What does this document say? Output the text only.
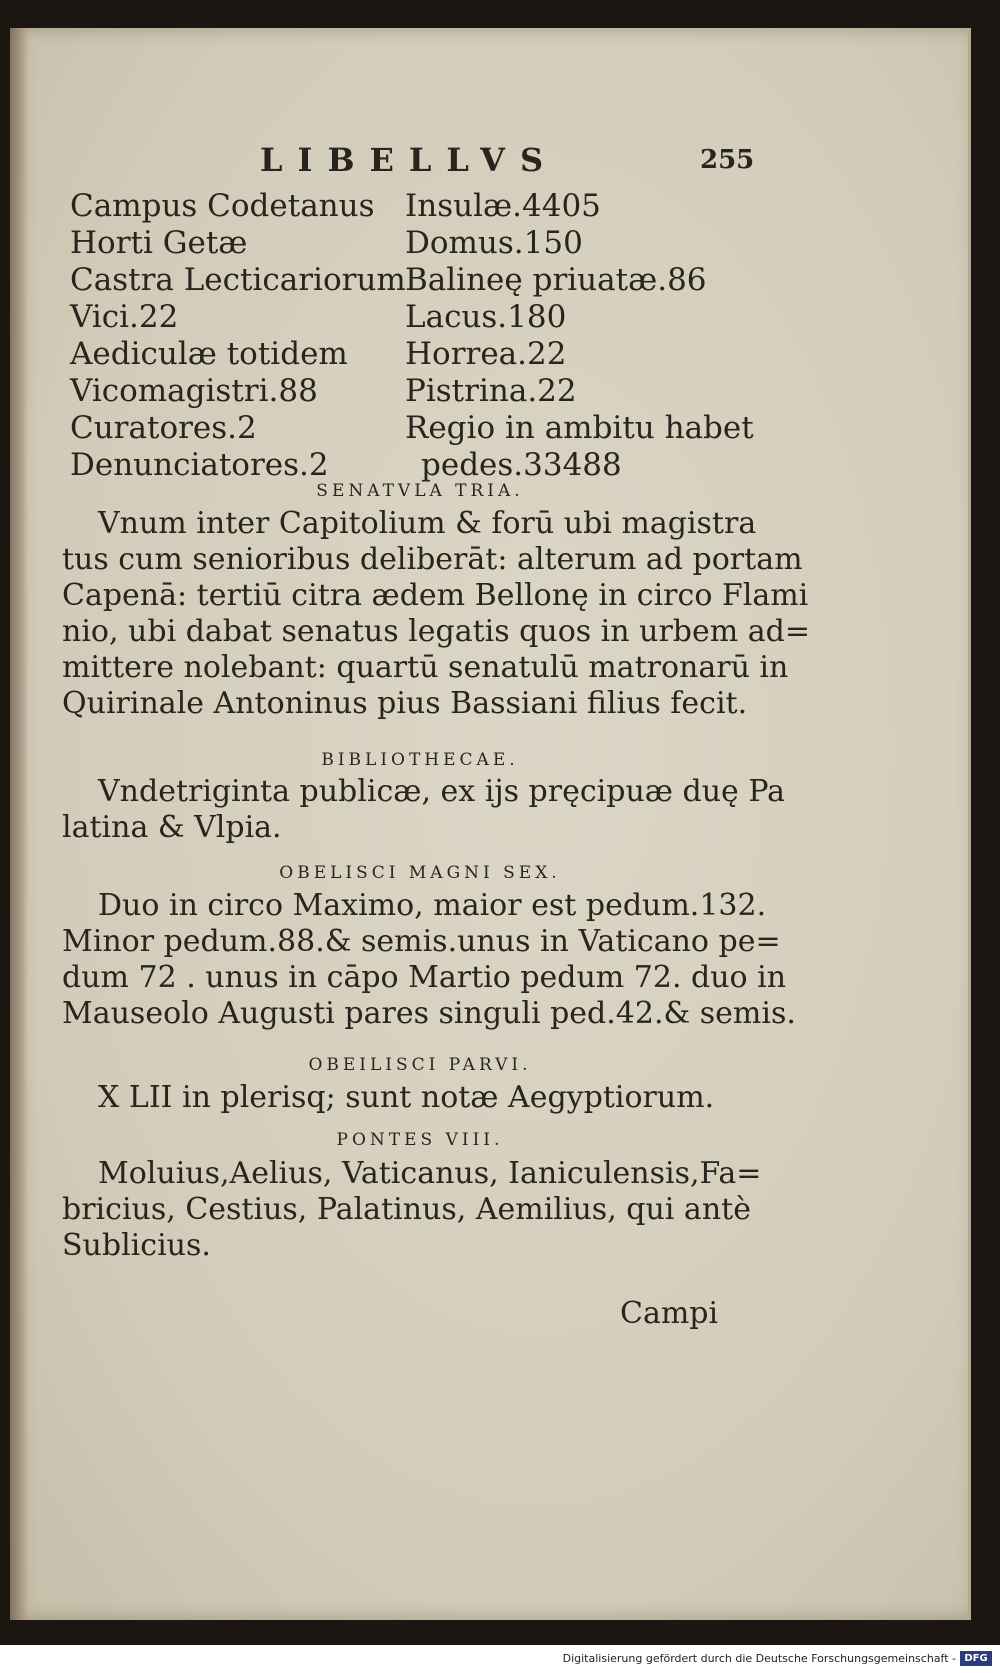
LIBELLVS	255
Campus Codetanus
Horti Getæ
Castra Lecticariorum
Vici.22
Aediculæ totidem
Vicomagistri.88
Curatores.2
Denunciatores.2
Insulæ.4405
Domus.150
Balineę priuatæ.86
Lacus.180
Horrea.22
Pistrina.22
Regio in ambitu habet
pedes.33488
SENATVLA TRIA.
Vnum inter Capitolium & forū ubi magistra
tus cum senioribus deliberāt: alterum ad portam
Capenā: tertiū citra ædem Bellonę in circo Flami
nio, ubi dabat senatus legatis quos in urbem ad=
mittere nolebant: quartū senatulū matronarū in
Quirinale Antoninus pius Bassiani filius fecit.
BIBLIOTHECAE.
Vndetriginta publicæ, ex ijs pręcipuæ duę Pa
latina & Vlpia.
OBELISCI MAGNI SEX.
Duo in circo Maximo, maior est pedum.132.
Minor pedum.88.& semis.unus in Vaticano pe=
dum 72 . unus in cāpo Martio pedum 72. duo in
Mauseolo Augusti pares singuli ped.42.& semis.
OBEILISCI PARVI.
X LII in plerisq; sunt notæ Aegyptiorum.
PONTES VIII.
Moluius,Aelius, Vaticanus, Ianiculensis,Fa=
bricius, Cestius, Palatinus, Aemilius, qui antè
Sublicius.
Campi
Digitalisierung gefördert durch die Deutsche Forschungsgemeinschaft - DFG
